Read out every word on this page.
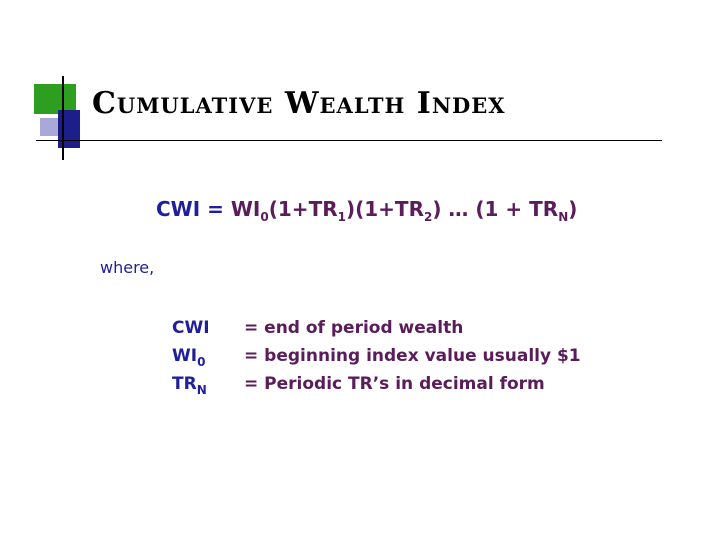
Cumulative Wealth Index
CWI = $WI_0(1+TR_1)(1+TR_2)$ … $(1 + TR_N)$
where,
CWI	= end of period wealth
$WI_0$	= beginning index value usually $1
$TR_N$	= Periodic TR’s in decimal form
